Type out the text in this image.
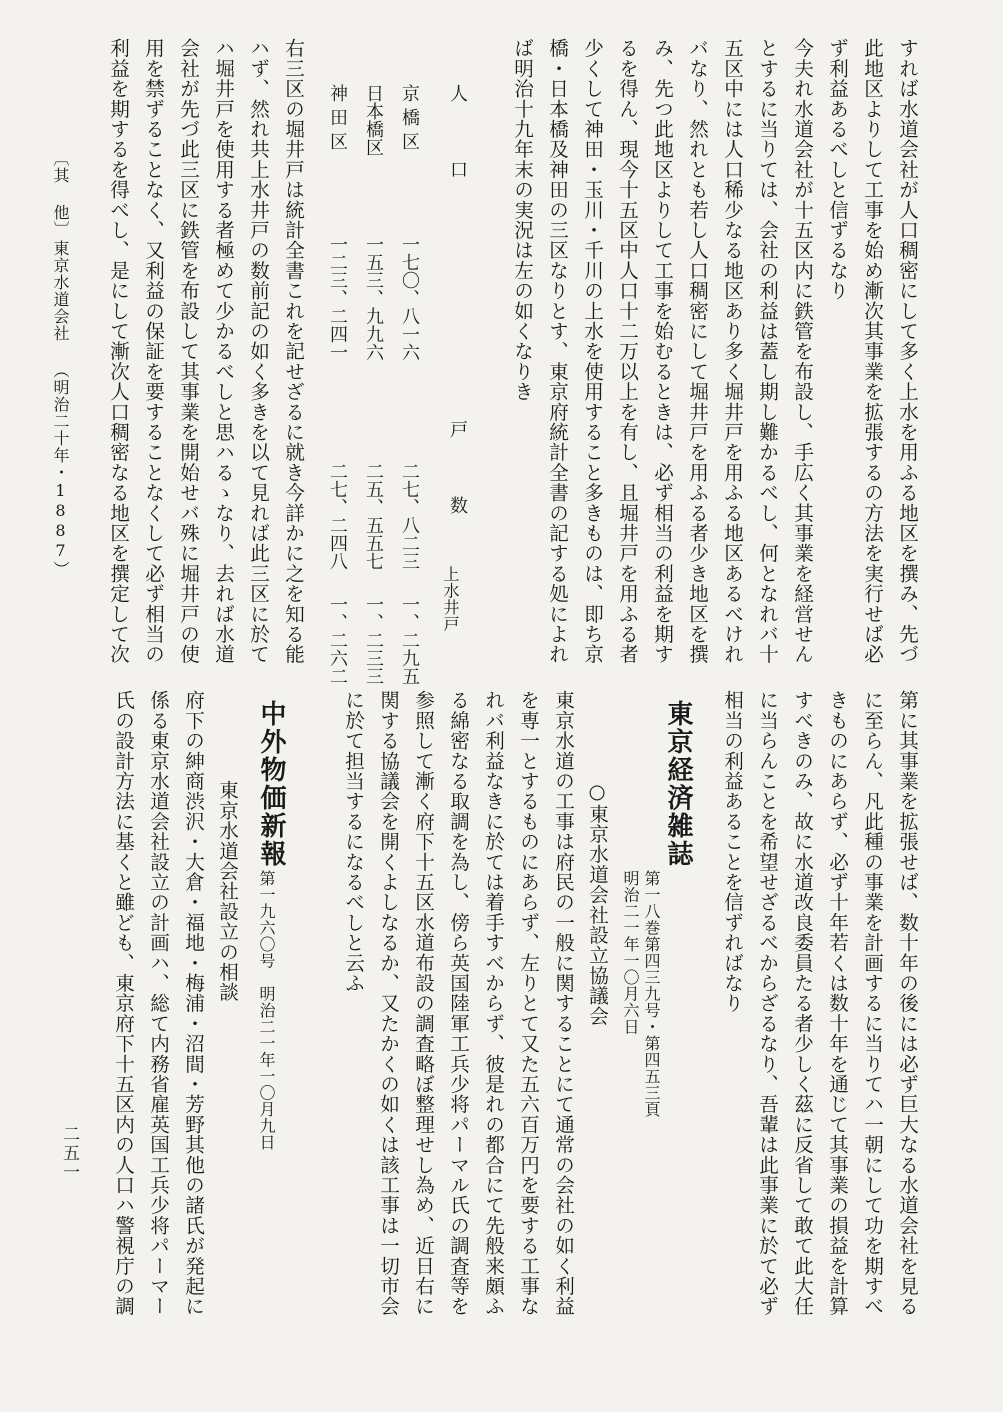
〔其 他〕
東京水道会社 （明治二十年・1887）
二五一
すれば水道会社が人口稠密にして多く上水を用ふる地区を撰み、先づ
此地区よりして工事を始め漸次其事業を拡張するの方法を実行せば必
ず利益あるべしと信ずるなり
今夫れ水道会社が十五区内に鉄管を布設し、手広く其事業を経営せん
とするに当りては、会社の利益は蓋し期し難かるべし、何となれバ十
五区中には人口稀少なる地区あり多く堀井戸を用ふる地区あるべけれ
バなり、然れとも若し人口稠密にして堀井戸を用ふる者少き地区を撰
み、先つ此地区よりして工事を始むるときは、必ず相当の利益を期す
るを得ん、現今十五区中人口十二万以上を有し、且堀井戸を用ふる者
少くして神田・玉川・千川の上水を使用すること多きものは、即ち京
橋・日本橋及神田の三区なりとす、東京府統計全書の記する処によれ
ば明治十九年末の実況は左の如くなりき
人　口
戸　数
上水井戸
京橋区
一七〇、八一六
二七、八二三
一、二九五
日本橋区
一五三、九九六
二五、五五七
一、二三三
神田区
一二三、二四一
二七、二四八
一、二六二
右三区の堀井戸は統計全書これを記せざるに就き今詳かに之を知る能
ハず、然れ共上水井戸の数前記の如く多きを以て見れば此三区に於て
ハ堀井戸を使用する者極めて少かるべしと思ハるゝなり、去れば水道
会社が先づ此三区に鉄管を布設して其事業を開始せバ殊に堀井戸の使
用を禁ずることなく、又利益の保証を要することなくして必ず相当の
利益を期するを得べし、是にして漸次人口稠密なる地区を撰定して次
第に其事業を拡張せば、数十年の後には必ず巨大なる水道会社を見る
に至らん、凡此種の事業を計画するに当りてハ一朝にして功を期すべ
きものにあらず、必ず十年若くは数十年を通じて其事業の損益を計算
すべきのみ、故に水道改良委員たる者少しく茲に反省して敢て此大任
に当らんことを希望せざるべからざるなり、吾輩は此事業に於て必ず
相当の利益あることを信ずればなり
東京経済雑誌
第一八巻第四三九号・第四五三頁
明治二一年一〇月六日
○東京水道会社設立協議会
東京水道の工事は府民の一般に関することにて通常の会社の如く利益
を専一とするものにあらず、左りとて又た五六百万円を要する工事な
れバ利益なきに於ては着手すべからず、彼是れの都合にて先般来頗ふ
る綿密なる取調を為し、傍ら英国陸軍工兵少将パーマル氏の調査等を
参照して漸く府下十五区水道布設の調査略ぼ整理せし為め、近日右に
関する協議会を開くよしなるか、又たかくの如くは該工事は一切市会
に於て担当するになるべしと云ふ
中外物価新報
第一九六〇号　明治二一年一〇月九日
東京水道会社設立の相談
府下の紳商渋沢・大倉・福地・梅浦・沼間・芳野其他の諸氏が発起に
係る東京水道会社設立の計画ハ、総て内務省雇英国工兵少将パーマー
氏の設計方法に基くと雖ども、東京府下十五区内の人口ハ警視庁の調
